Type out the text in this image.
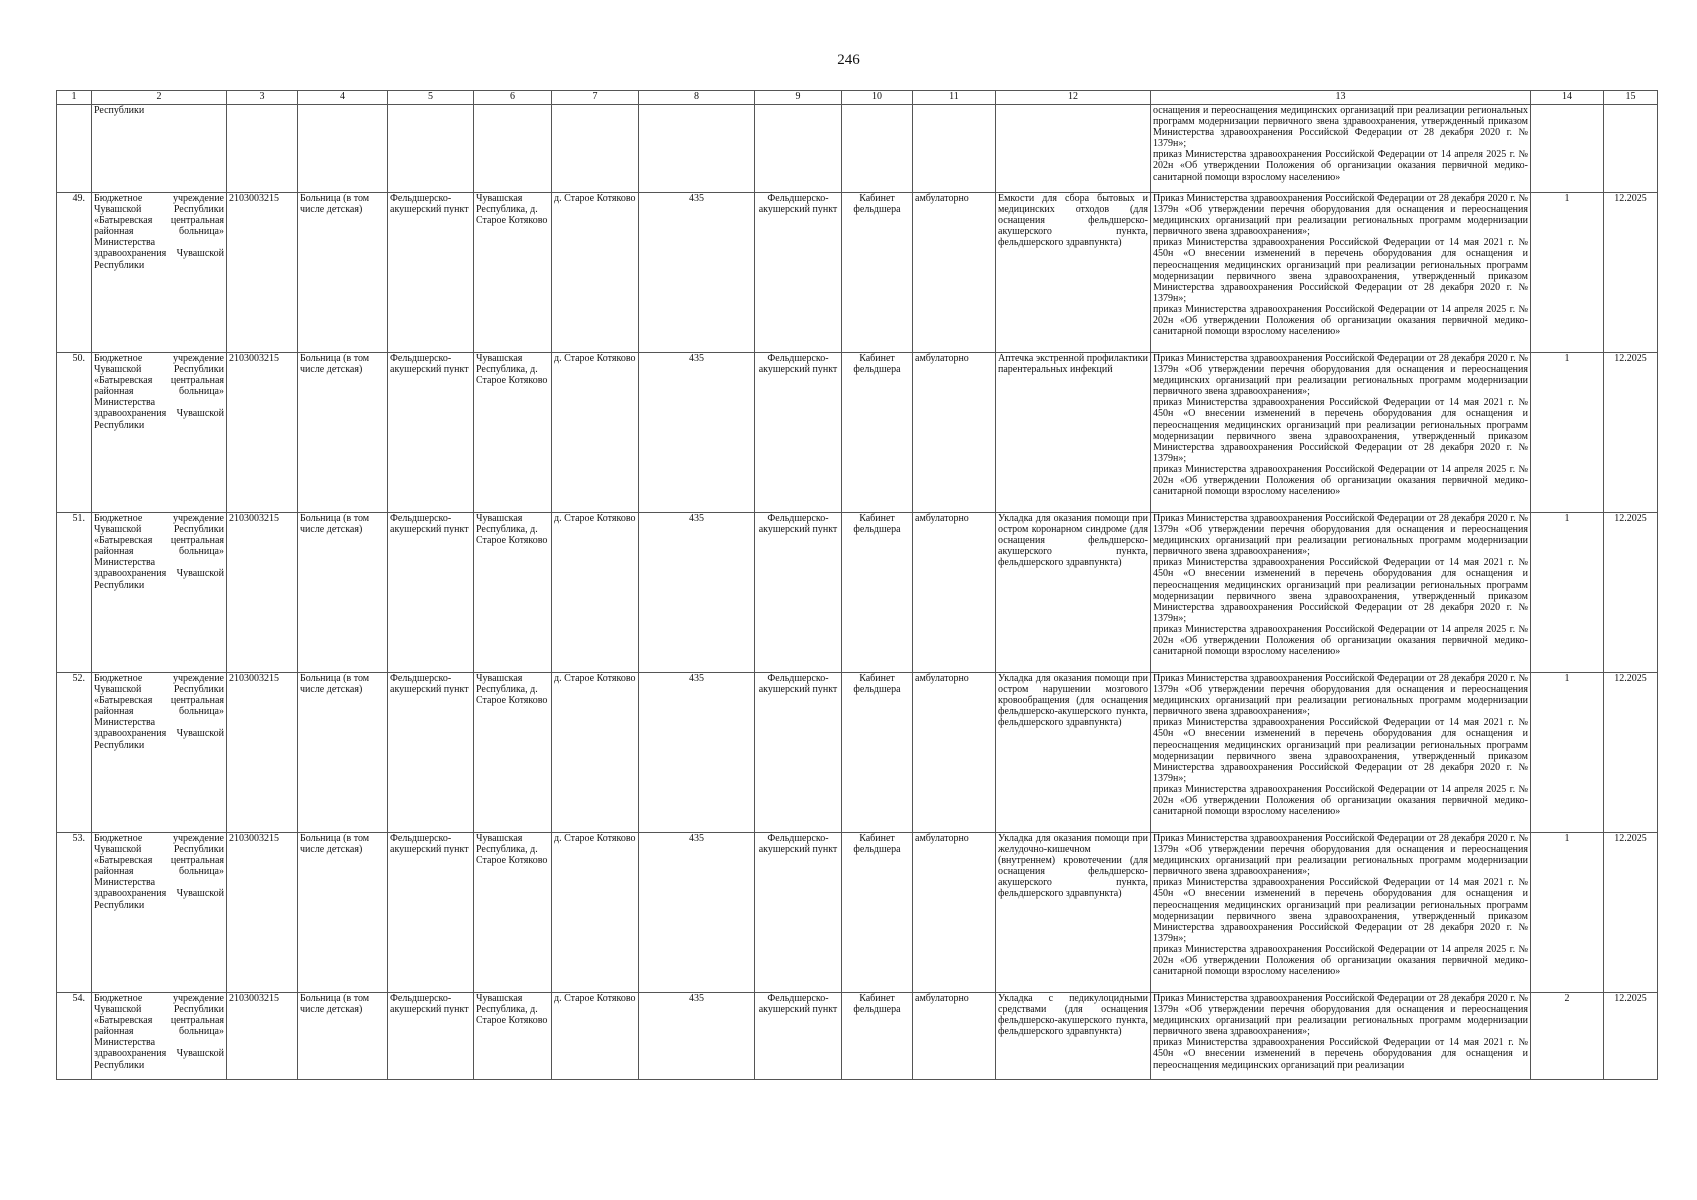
246
1	2	3	4	5	6	7	8	9	10	11	12	13	14	15
	Республики											оснащения и переоснащения медицинских организаций при реализации региональных программ модернизации первичного звена здравоохранения, утвержденный приказом Министерства здравоохранения Российской Федерации от 28 декабря 2020 г. № 1379н»;
приказ Министерства здравоохранения Российской Федерации от 14 апреля 2025 г. № 202н «Об утверждении Положения об организации оказания первичной медико-санитарной помощи взрослому населению»		
49.	Бюджетное учреждение Чувашской Республики «Батыревская центральная районная больница» Министерства здравоохранения Чувашской Республики	2103003215	Больница (в том числе детская)	Фельдшерско-акушерский пункт	Чувашская Республика, д. Старое Котяково	д. Старое Котяково	435	Фельдшерско-акушерский пункт	Кабинет фельдшера	амбулаторно	Емкости для сбора бытовых и медицинских отходов (для оснащения фельдшерско-акушерского пункта, фельдшерского здравпункта)	Приказ Министерства здравоохранения Российской Федерации от 28 декабря 2020 г. № 1379н «Об утверждении перечня оборудования для оснащения и переоснащения медицинских организаций при реализации региональных программ модернизации первичного звена здравоохранения»;
приказ Министерства здравоохранения Российской Федерации от 14 мая 2021 г. № 450н «О внесении изменений в перечень оборудования для оснащения и переоснащения медицинских организаций при реализации региональных программ модернизации первичного звена здравоохранения, утвержденный приказом Министерства здравоохранения Российской Федерации от 28 декабря 2020 г. № 1379н»;
приказ Министерства здравоохранения Российской Федерации от 14 апреля 2025 г. № 202н «Об утверждении Положения об организации оказания первичной медико-санитарной помощи взрослому населению»	1	12.2025
50.	Бюджетное учреждение Чувашской Республики «Батыревская центральная районная больница» Министерства здравоохранения Чувашской Республики	2103003215	Больница (в том числе детская)	Фельдшерско-акушерский пункт	Чувашская Республика, д. Старое Котяково	д. Старое Котяково	435	Фельдшерско-акушерский пункт	Кабинет фельдшера	амбулаторно	Аптечка экстренной профилактики парентеральных инфекций	Приказ Министерства здравоохранения Российской Федерации от 28 декабря 2020 г. № 1379н «Об утверждении перечня оборудования для оснащения и переоснащения медицинских организаций при реализации региональных программ модернизации первичного звена здравоохранения»;
приказ Министерства здравоохранения Российской Федерации от 14 мая 2021 г. № 450н «О внесении изменений в перечень оборудования для оснащения и переоснащения медицинских организаций при реализации региональных программ модернизации первичного звена здравоохранения, утвержденный приказом Министерства здравоохранения Российской Федерации от 28 декабря 2020 г. № 1379н»;
приказ Министерства здравоохранения Российской Федерации от 14 апреля 2025 г. № 202н «Об утверждении Положения об организации оказания первичной медико-санитарной помощи взрослому населению»	1	12.2025
51.	Бюджетное учреждение Чувашской Республики «Батыревская центральная районная больница» Министерства здравоохранения Чувашской Республики	2103003215	Больница (в том числе детская)	Фельдшерско-акушерский пункт	Чувашская Республика, д. Старое Котяково	д. Старое Котяково	435	Фельдшерско-акушерский пункт	Кабинет фельдшера	амбулаторно	Укладка для оказания помощи при остром коронарном синдроме (для оснащения фельдшерско-акушерского пункта, фельдшерского здравпункта)	Приказ Министерства здравоохранения Российской Федерации от 28 декабря 2020 г. № 1379н «Об утверждении перечня оборудования для оснащения и переоснащения медицинских организаций при реализации региональных программ модернизации первичного звена здравоохранения»;
приказ Министерства здравоохранения Российской Федерации от 14 мая 2021 г. № 450н «О внесении изменений в перечень оборудования для оснащения и переоснащения медицинских организаций при реализации региональных программ модернизации первичного звена здравоохранения, утвержденный приказом Министерства здравоохранения Российской Федерации от 28 декабря 2020 г. № 1379н»;
приказ Министерства здравоохранения Российской Федерации от 14 апреля 2025 г. № 202н «Об утверждении Положения об организации оказания первичной медико-санитарной помощи взрослому населению»	1	12.2025
52.	Бюджетное учреждение Чувашской Республики «Батыревская центральная районная больница» Министерства здравоохранения Чувашской Республики	2103003215	Больница (в том числе детская)	Фельдшерско-акушерский пункт	Чувашская Республика, д. Старое Котяково	д. Старое Котяково	435	Фельдшерско-акушерский пункт	Кабинет фельдшера	амбулаторно	Укладка для оказания помощи при остром нарушении мозгового кровообращения (для оснащения фельдшерско-акушерского пункта, фельдшерского здравпункта)	Приказ Министерства здравоохранения Российской Федерации от 28 декабря 2020 г. № 1379н «Об утверждении перечня оборудования для оснащения и переоснащения медицинских организаций при реализации региональных программ модернизации первичного звена здравоохранения»;
приказ Министерства здравоохранения Российской Федерации от 14 мая 2021 г. № 450н «О внесении изменений в перечень оборудования для оснащения и переоснащения медицинских организаций при реализации региональных программ модернизации первичного звена здравоохранения, утвержденный приказом Министерства здравоохранения Российской Федерации от 28 декабря 2020 г. № 1379н»;
приказ Министерства здравоохранения Российской Федерации от 14 апреля 2025 г. № 202н «Об утверждении Положения об организации оказания первичной медико-санитарной помощи взрослому населению»	1	12.2025
53.	Бюджетное учреждение Чувашской Республики «Батыревская центральная районная больница» Министерства здравоохранения Чувашской Республики	2103003215	Больница (в том числе детская)	Фельдшерско-акушерский пункт	Чувашская Республика, д. Старое Котяково	д. Старое Котяково	435	Фельдшерско-акушерский пункт	Кабинет фельдшера	амбулаторно	Укладка для оказания помощи при желудочно-кишечном (внутреннем) кровотечении (для оснащения фельдшерско-акушерского пункта, фельдшерского здравпункта)	Приказ Министерства здравоохранения Российской Федерации от 28 декабря 2020 г. № 1379н «Об утверждении перечня оборудования для оснащения и переоснащения медицинских организаций при реализации региональных программ модернизации первичного звена здравоохранения»;
приказ Министерства здравоохранения Российской Федерации от 14 мая 2021 г. № 450н «О внесении изменений в перечень оборудования для оснащения и переоснащения медицинских организаций при реализации региональных программ модернизации первичного звена здравоохранения, утвержденный приказом Министерства здравоохранения Российской Федерации от 28 декабря 2020 г. № 1379н»;
приказ Министерства здравоохранения Российской Федерации от 14 апреля 2025 г. № 202н «Об утверждении Положения об организации оказания первичной медико-санитарной помощи взрослому населению»	1	12.2025
54.	Бюджетное учреждение Чувашской Республики «Батыревская центральная районная больница» Министерства здравоохранения Чувашской Республики	2103003215	Больница (в том числе детская)	Фельдшерско-акушерский пункт	Чувашская Республика, д. Старое Котяково	д. Старое Котяково	435	Фельдшерско-акушерский пункт	Кабинет фельдшера	амбулаторно	Укладка с педикулоцидными средствами (для оснащения фельдшерско-акушерского пункта, фельдшерского здравпункта)	Приказ Министерства здравоохранения Российской Федерации от 28 декабря 2020 г. № 1379н «Об утверждении перечня оборудования для оснащения и переоснащения медицинских организаций при реализации региональных программ модернизации первичного звена здравоохранения»;
приказ Министерства здравоохранения Российской Федерации от 14 мая 2021 г. № 450н «О внесении изменений в перечень оборудования для оснащения и переоснащения медицинских организаций при реализации	2	12.2025
